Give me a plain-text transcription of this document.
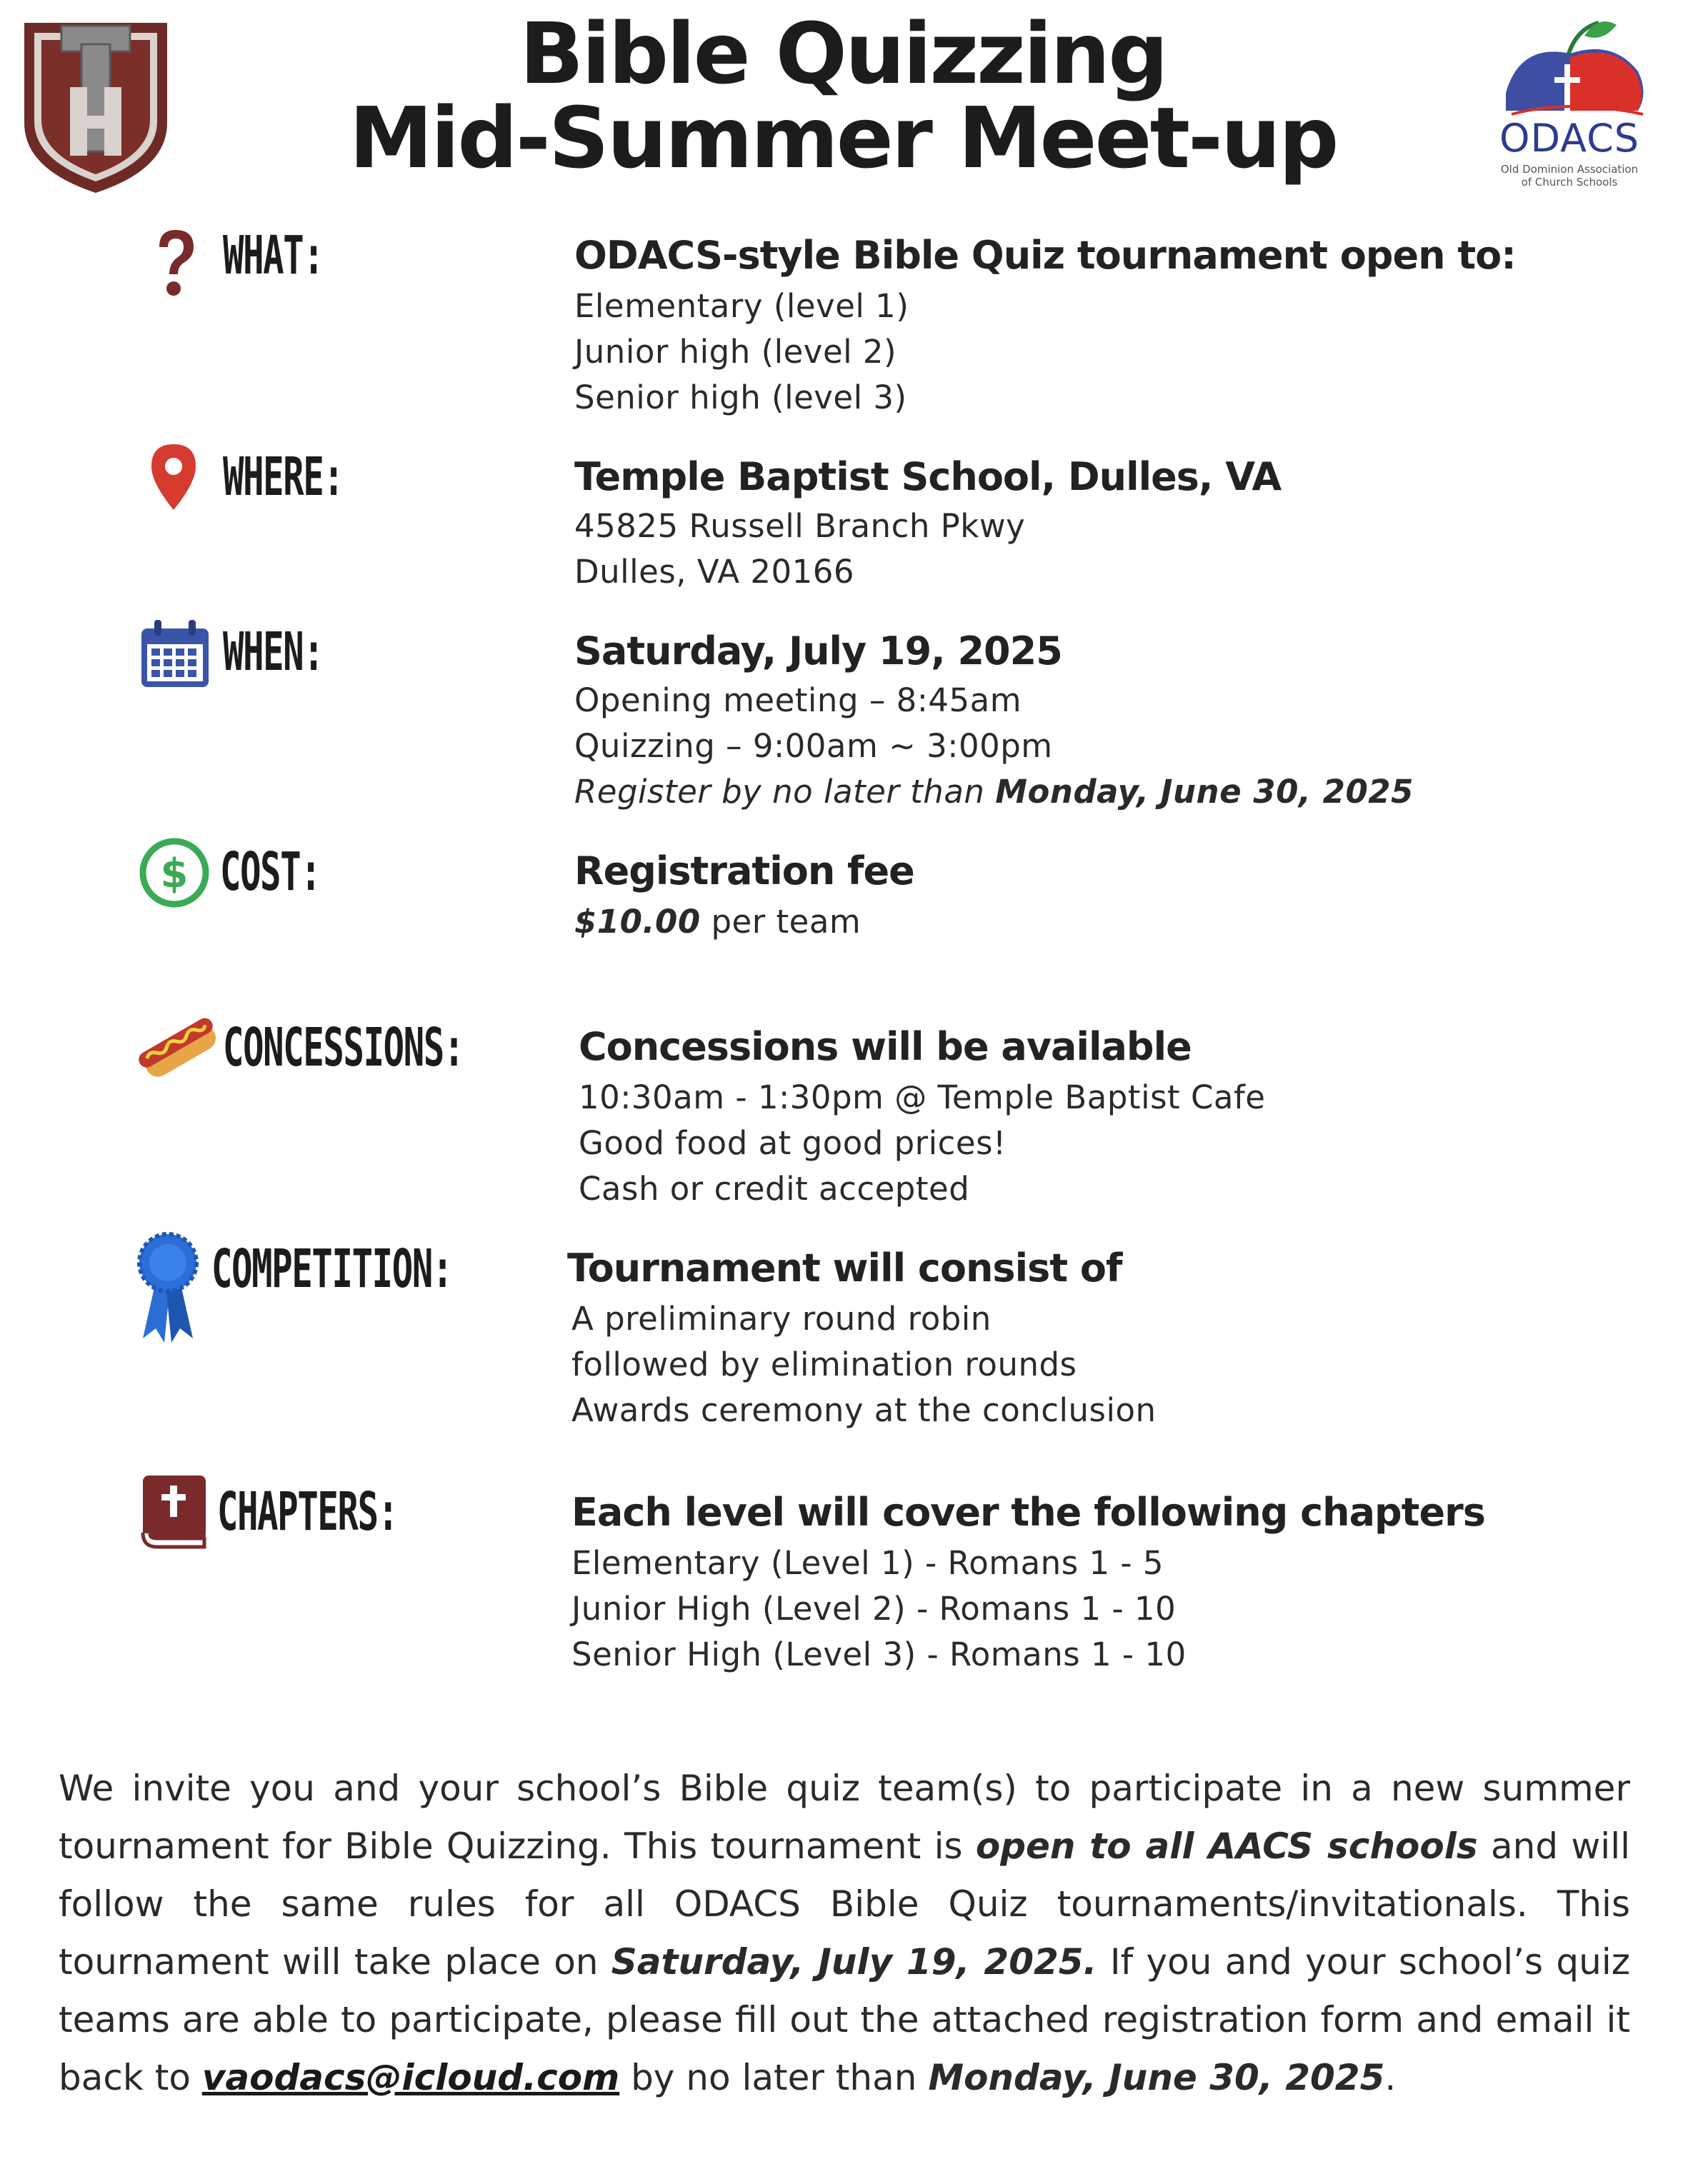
ODACS
Old Dominion Association
of Church Schools
Bible Quizzing
Mid-Summer Meet-up
WHAT:	ODACS-style Bible Quiz tournament open to:
Elementary (level 1)
Junior high (level 2)
Senior high (level 3)
WHERE:	Temple Baptist School, Dulles, VA
45825 Russell Branch Pkwy
Dulles, VA 20166
WHEN:	Saturday, July 19, 2025
Opening meeting – 8:45am
Quizzing – 9:00am ~ 3:00pm
Register by no later than Monday, June 30, 2025
$ COST:	Registration fee
$10.00 per team
CONCESSIONS:	Concessions will be available
10:30am - 1:30pm @ Temple Baptist Cafe
Good food at good prices!
Cash or credit accepted
COMPETITION:	Tournament will consist of
A preliminary round robin
followed by elimination rounds
Awards ceremony at the conclusion
CHAPTERS:	Each level will cover the following chapters
Elementary (Level 1) - Romans 1 - 5
Junior High (Level 2) - Romans 1 - 10
Senior High (Level 3) - Romans 1 - 10
We invite you and your school’s Bible quiz team(s) to participate in a new summer tournament for Bible Quizzing. This tournament is open to all AACS schools and will follow the same rules for all ODACS Bible Quiz tournaments/invitationals. This tournament will take place on Saturday, July 19, 2025. If you and your school’s quiz teams are able to participate, please fill out the attached registration form and email it back to vaodacs@icloud.com by no later than Monday, June 30, 2025.
